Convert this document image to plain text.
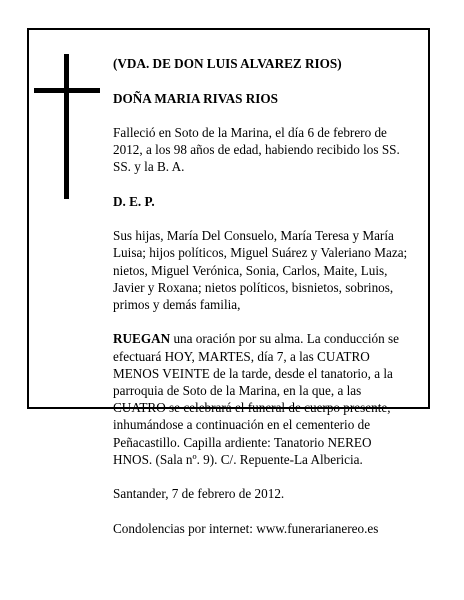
(VDA. DE DON LUIS ALVAREZ RIOS)

DOÑA MARIA RIVAS RIOS

Falleció en Soto de la Marina, el día 6 de febrero de
2012, a los 98 años de edad, habiendo recibido los SS.
SS. y la B. A.

D. E. P.

Sus hijas, María Del Consuelo, María Teresa y María
Luisa; hijos políticos, Miguel Suárez y Valeriano Maza;
nietos, Miguel Verónica, Sonia, Carlos, Maite, Luis,
Javier y Roxana; nietos políticos, bisnietos, sobrinos,
primos y demás familia,

RUEGAN una oración por su alma. La conducción se
efectuará HOY, MARTES, día 7, a las CUATRO
MENOS VEINTE de la tarde, desde el tanatorio, a la
parroquia de Soto de la Marina, en la que, a las
CUATRO se celebrará el funeral de cuerpo presente,
inhumándose a continuación en el cementerio de
Peñacastillo. Capilla ardiente: Tanatorio NEREO
HNOS. (Sala nº. 9). C/. Repuente-La Albericia.

Santander, 7 de febrero de 2012.

Condolencias por internet: www.funerarianereo.es
